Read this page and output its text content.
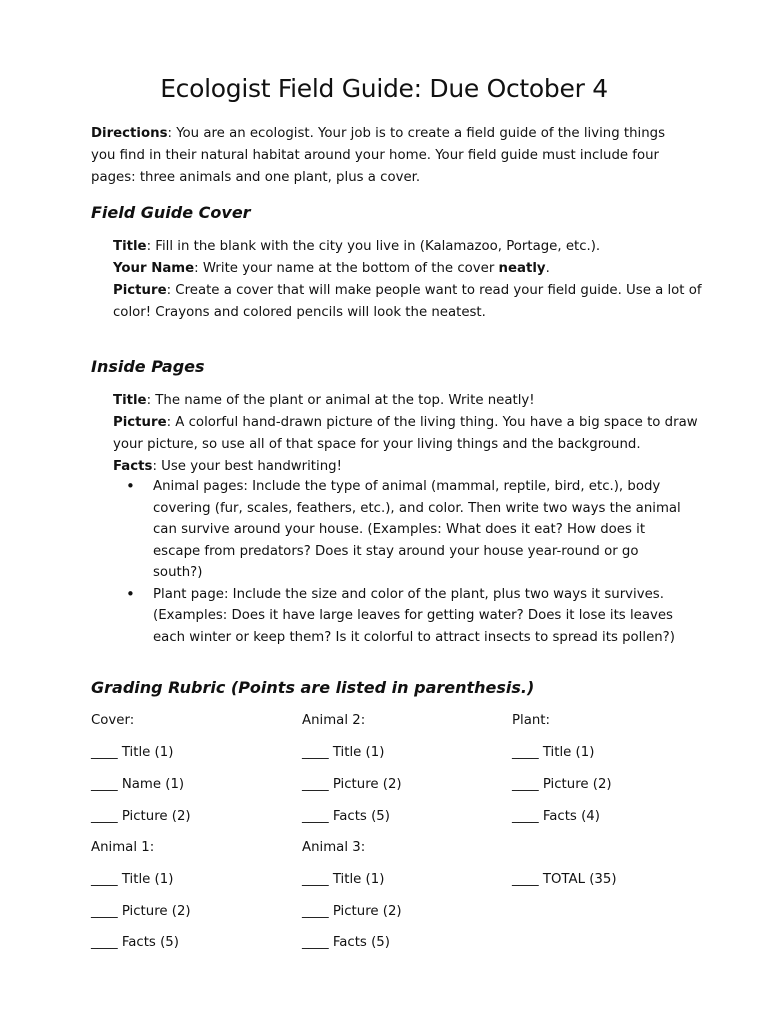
Ecologist Field Guide: Due October 4

Directions: You are an ecologist. Your job is to create a field guide of the living things you find in their natural habitat around your home. Your field guide must include four pages: three animals and one plant, plus a cover.

Field Guide Cover
Title: Fill in the blank with the city you live in (Kalamazoo, Portage, etc.).
Your Name: Write your name at the bottom of the cover neatly.
Picture: Create a cover that will make people want to read your field guide. Use a lot of color! Crayons and colored pencils will look the neatest.
Inside Pages
Title: The name of the plant or animal at the top. Write neatly!
Picture: A colorful hand-drawn picture of the living thing. You have a big space to draw your picture, so use all of that space for your living things and the background.
Facts: Use your best handwriting!
• Animal pages: Include the type of animal (mammal, reptile, bird, etc.), body covering (fur, scales, feathers, etc.), and color. Then write two ways the animal can survive around your house. (Examples: What does it eat? How does it escape from predators? Does it stay around your house year-round or go south?)
• Plant page: Include the size and color of the plant, plus two ways it survives. (Examples: Does it have large leaves for getting water? Does it lose its leaves each winter or keep them? Is it colorful to attract insects to spread its pollen?)
Grading Rubric (Points are listed in parenthesis.)
Cover:
____ Title (1)
____ Name (1)
____ Picture (2)
Animal 1:
____ Title (1)
____ Picture (2)
____ Facts (5)
Animal 2:
____ Title (1)
____ Picture (2)
____ Facts (5)
Animal 3:
____ Title (1)
____ Picture (2)
____ Facts (5)
Plant:
____ Title (1)
____ Picture (2)
____ Facts (4)
____ TOTAL (35)
